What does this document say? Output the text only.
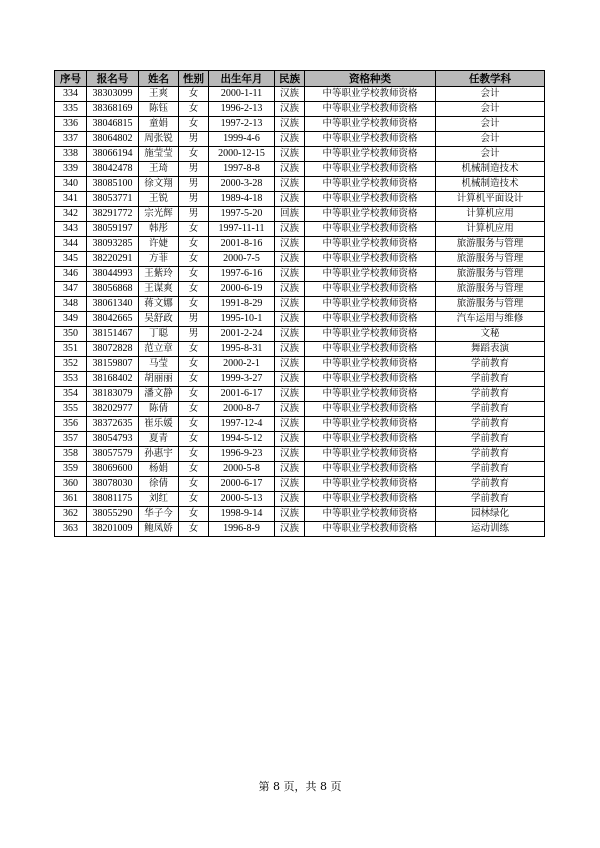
序号	报名号	姓名	性别	出生年月	民族	资格种类	任教学科
334	38303099	王爽	女	2000-1-11	汉族	中等职业学校教师资格	会计
335	38368169	陈钰	女	1996-2-13	汉族	中等职业学校教师资格	会计
336	38046815	童娟	女	1997-2-13	汉族	中等职业学校教师资格	会计
337	38064802	周张锐	男	1999-4-6	汉族	中等职业学校教师资格	会计
338	38066194	施莹莹	女	2000-12-15	汉族	中等职业学校教师资格	会计
339	38042478	王琦	男	1997-8-8	汉族	中等职业学校教师资格	机械制造技术
340	38085100	徐文翔	男	2000-3-28	汉族	中等职业学校教师资格	机械制造技术
341	38053771	王锐	男	1989-4-18	汉族	中等职业学校教师资格	计算机平面设计
342	38291772	宗光辉	男	1997-5-20	回族	中等职业学校教师资格	计算机应用
343	38059197	韩彤	女	1997-11-11	汉族	中等职业学校教师资格	计算机应用
344	38093285	许婕	女	2001-8-16	汉族	中等职业学校教师资格	旅游服务与管理
345	38220291	方菲	女	2000-7-5	汉族	中等职业学校教师资格	旅游服务与管理
346	38044993	王紫玲	女	1997-6-16	汉族	中等职业学校教师资格	旅游服务与管理
347	38056868	王谋爽	女	2000-6-19	汉族	中等职业学校教师资格	旅游服务与管理
348	38061340	蒋文娜	女	1991-8-29	汉族	中等职业学校教师资格	旅游服务与管理
349	38042665	吴舒政	男	1995-10-1	汉族	中等职业学校教师资格	汽车运用与维修
350	38151467	丁聪	男	2001-2-24	汉族	中等职业学校教师资格	文秘
351	38072828	范立章	女	1995-8-31	汉族	中等职业学校教师资格	舞蹈表演
352	38159807	马莹	女	2000-2-1	汉族	中等职业学校教师资格	学前教育
353	38168402	胡丽丽	女	1999-3-27	汉族	中等职业学校教师资格	学前教育
354	38183079	潘文静	女	2001-6-17	汉族	中等职业学校教师资格	学前教育
355	38202977	陈倩	女	2000-8-7	汉族	中等职业学校教师资格	学前教育
356	38372635	崔乐媛	女	1997-12-4	汉族	中等职业学校教师资格	学前教育
357	38054793	夏青	女	1994-5-12	汉族	中等职业学校教师资格	学前教育
358	38057579	孙惠宇	女	1996-9-23	汉族	中等职业学校教师资格	学前教育
359	38069600	杨娟	女	2000-5-8	汉族	中等职业学校教师资格	学前教育
360	38078030	徐倩	女	2000-6-17	汉族	中等职业学校教师资格	学前教育
361	38081175	刘红	女	2000-5-13	汉族	中等职业学校教师资格	学前教育
362	38055290	华子今	女	1998-9-14	汉族	中等职业学校教师资格	园林绿化
363	38201009	鲍凤娇	女	1996-8-9	汉族	中等职业学校教师资格	运动训练
第 8 页，共 8 页
